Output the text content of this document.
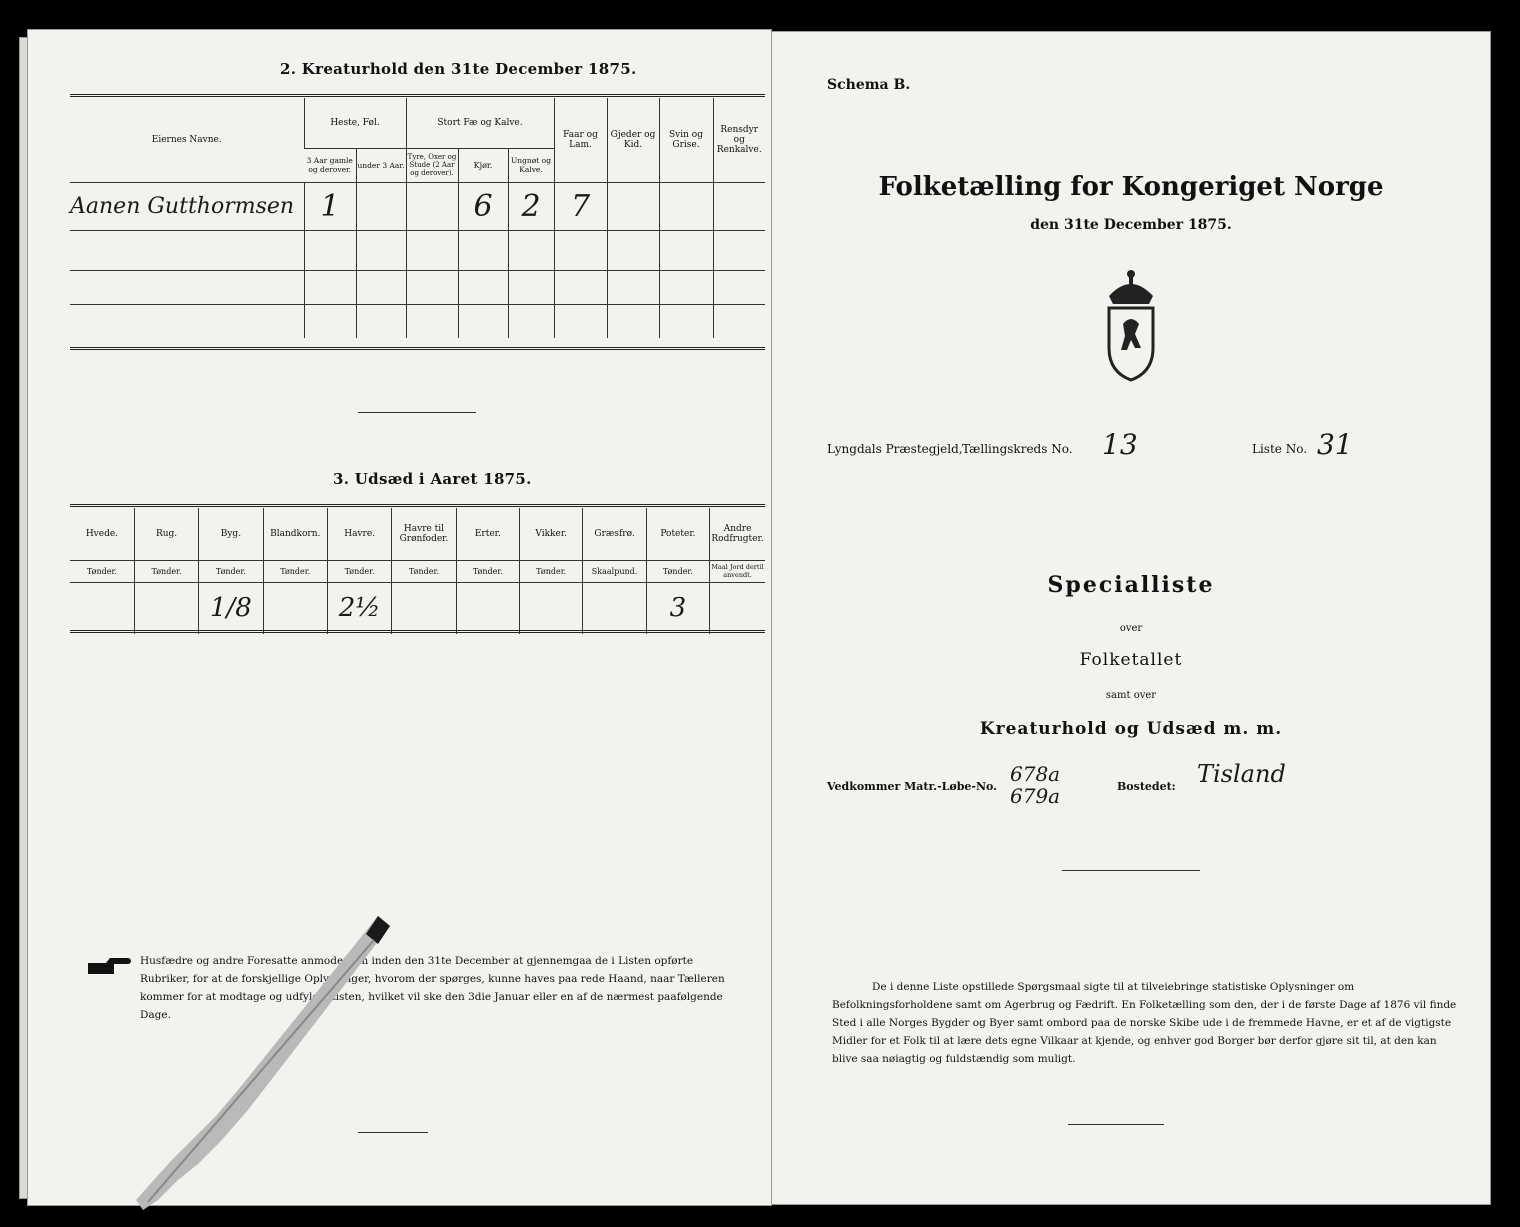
2. Kreaturhold den 31te December 1875.
Eiernes Navne.	Heste, Føl.		Stort Fæ og Kalve.			Faar og Lam.	Gjeder og Kid.	Svin og Grise.	Rensdyr og Renkalve.
	3 Aar gamle og derover.	under 3 Aar.	Tyre, Oxer og Stude (2 Aar og derover).	Kjør.	Ungnøt og Kalve.				
Aanen Gutthormsen	1			6	2	7			

3. Udsæd i Aaret 1875.
Hvede.	Rug.	Byg.	Blandkorn.	Havre.	Havre til Grønfoder.	Erter.	Vikker.	Græsfrø.	Poteter.	Andre Rodfrugter.
Tønder.	Tønder.	Tønder.	Tønder.	Tønder.	Tønder.	Tønder.	Tønder.	Skaalpund.	Tønder.	Maal Jord dertil anvendt.
		1/8		2½					3	

Husfædre og andre Foresatte anmodes om inden den 31te December at gjennemgaa de i Listen opførte Rubriker, for at de forskjellige Oplysninger, hvorom der spørges, kunne haves paa rede Haand, naar Tælleren kommer for at modtage og udfylde Listen, hvilket vil ske den 3die Januar eller en af de nærmest paafølgende Dage.

Schema B.
Folketælling for Kongeriget Norge
den 31te December 1875.
Lyngdals Præstegjeld, Tællingskreds No. 13	Liste No. 31
Specialliste
over
Folketallet
samt over
Kreaturhold og Udsæd m. m.
Vedkommer Matr.-Løbe-No.
678a
679a	Bostedet: Tisland

De i denne Liste opstillede Spørgsmaal sigte til at tilveiebringe statistiske Oplysninger om Befolkningsforholdene samt om Agerbrug og Fædrift. En Folketælling som den, der i de første Dage af 1876 vil finde Sted i alle Norges Bygder og Byer samt ombord paa de norske Skibe ude i de fremmede Havne, er et af de vigtigste Midler for et Folk til at lære dets egne Vilkaar at kjende, og enhver god Borger bør derfor gjøre sit til, at den kan blive saa nøiagtig og fuldstændig som muligt.
